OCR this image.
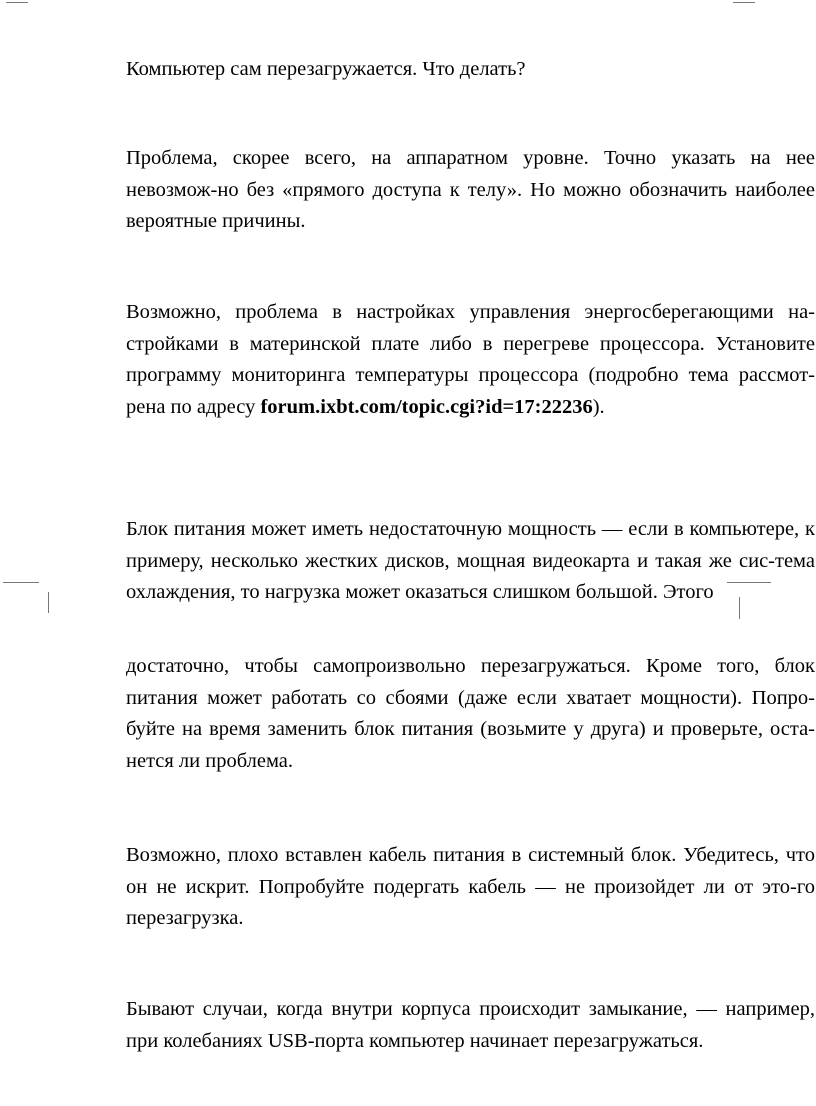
Компьютер сам перезагружается. Что делать?

Проблема, скорее всего, на аппаратном уровне. Точно указать на нее невозмож-но без «прямого доступа к телу». Но можно обозначить наиболее вероятные причины.

Возможно, проблема в настройках управления энергосберегающими на-стройками в материнской плате либо в перегреве процессора. Установите программу мониторинга температуры процессора (подробно тема рассмот-рена по адресу forum.ixbt.com/topic.cgi?id=17:22236).

Блок питания может иметь недостаточную мощность — если в компьютере, к примеру, несколько жестких дисков, мощная видеокарта и такая же сис-тема охлаждения, то нагрузка может оказаться слишком большой. Этого

достаточно, чтобы самопроизвольно перезагружаться. Кроме того, блок питания может работать со сбоями (даже если хватает мощности). Попро-буйте на время заменить блок питания (возьмите у друга) и проверьте, оста-нется ли проблема.

Возможно, плохо вставлен кабель питания в системный блок. Убедитесь, что он не искрит. Попробуйте подергать кабель — не произойдет ли от это-го перезагрузка.

Бывают случаи, когда внутри корпуса происходит замыкание, — например, при колебаниях USB-порта компьютер начинает перезагружаться.
